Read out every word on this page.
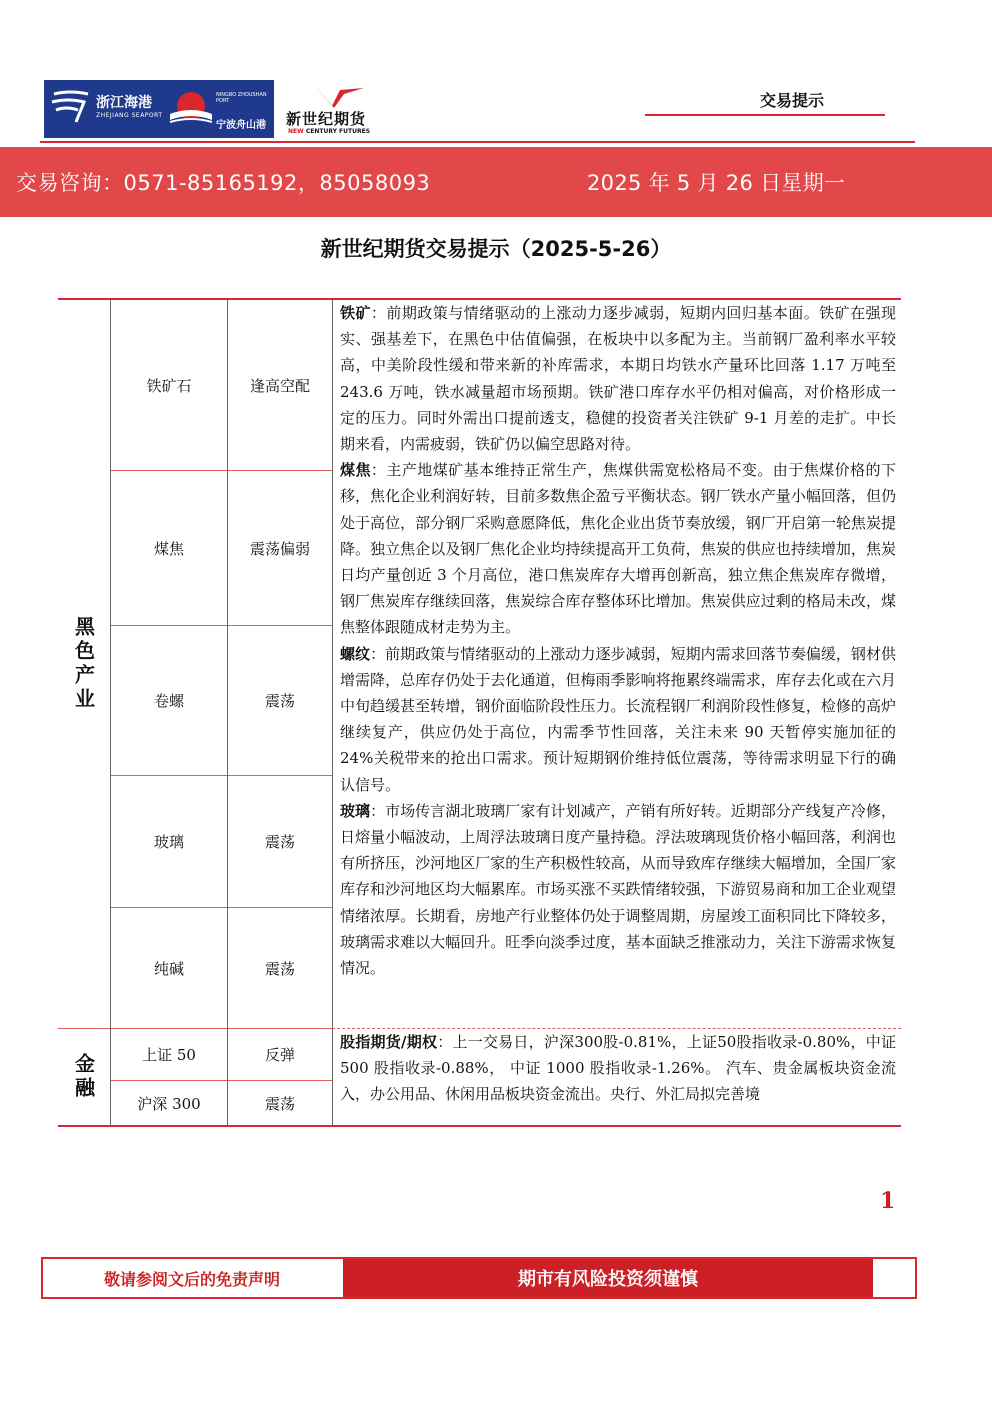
浙江海港
ZHEJIANG SEAPORT
NINGBO ZHOUSHAN PORT
宁波舟山港 新世纪期货
NEW CENTURY FUTURES
交易提示
交易咨询：0571-85165192，85058093	2025 年 5 月 26 日星期一
新世纪期货交易提示（2025-5-26）
黑色产业
金融
铁矿石	逢高空配
煤焦	震荡偏弱
卷螺	震荡
玻璃	震荡
纯碱	震荡
上证 50	反弹
沪深 300	震荡

铁矿：前期政策与情绪驱动的上涨动力逐步减弱，短期内回归基本面。铁矿在强现实、强基差下，在黑色中估值偏强，在板块中以多配为主。当前钢厂盈利率水平较高，中美阶段性缓和带来新的补库需求，本期日均铁水产量环比回落 1.17 万吨至 243.6 万吨，铁水减量超市场预期。铁矿港口库存水平仍相对偏高，对价格形成一定的压力。同时外需出口提前透支，稳健的投资者关注铁矿 9-1 月差的走扩。中长期来看，内需疲弱，铁矿仍以偏空思路对待。

煤焦：主产地煤矿基本维持正常生产，焦煤供需宽松格局不变。由于焦煤价格的下移，焦化企业利润好转，目前多数焦企盈亏平衡状态。钢厂铁水产量小幅回落，但仍处于高位，部分钢厂采购意愿降低，焦化企业出货节奏放缓，钢厂开启第一轮焦炭提降。独立焦企以及钢厂焦化企业均持续提高开工负荷，焦炭的供应也持续增加，焦炭日均产量创近 3 个月高位，港口焦炭库存大增再创新高，独立焦企焦炭库存微增，钢厂焦炭库存继续回落，焦炭综合库存整体环比增加。焦炭供应过剩的格局未改，煤焦整体跟随成材走势为主。

螺纹：前期政策与情绪驱动的上涨动力逐步减弱，短期内需求回落节奏偏缓，钢材供增需降，总库存仍处于去化通道，但梅雨季影响将拖累终端需求，库存去化或在六月中旬趋缓甚至转增，钢价面临阶段性压力。长流程钢厂利润阶段性修复，检修的高炉继续复产，供应仍处于高位，内需季节性回落，关注未来 90 天暂停实施加征的24%关税带来的抢出口需求。预计短期钢价维持低位震荡，等待需求明显下行的确认信号。

玻璃：市场传言湖北玻璃厂家有计划减产，产销有所好转。近期部分产线复产冷修，日熔量小幅波动，上周浮法玻璃日度产量持稳。浮法玻璃现货价格小幅回落，利润也有所挤压，沙河地区厂家的生产积极性较高，从而导致库存继续大幅增加，全国厂家库存和沙河地区均大幅累库。市场买涨不买跌情绪较强，下游贸易商和加工企业观望情绪浓厚。长期看，房地产行业整体仍处于调整周期，房屋竣工面积同比下降较多，玻璃需求难以大幅回升。旺季向淡季过度，基本面缺乏推涨动力，关注下游需求恢复情况。

股指期货/期权：上一交易日，沪深300股-0.81%，上证50股指收录-0.80%，中证 500 股指收录-0.88%， 中证 1000 股指收录-1.26%。 汽车、贵金属板块资金流入，办公用品、休闲用品板块资金流出。央行、外汇局拟完善境

1
敬请参阅文后的免责声明	期市有风险投资须谨慎
